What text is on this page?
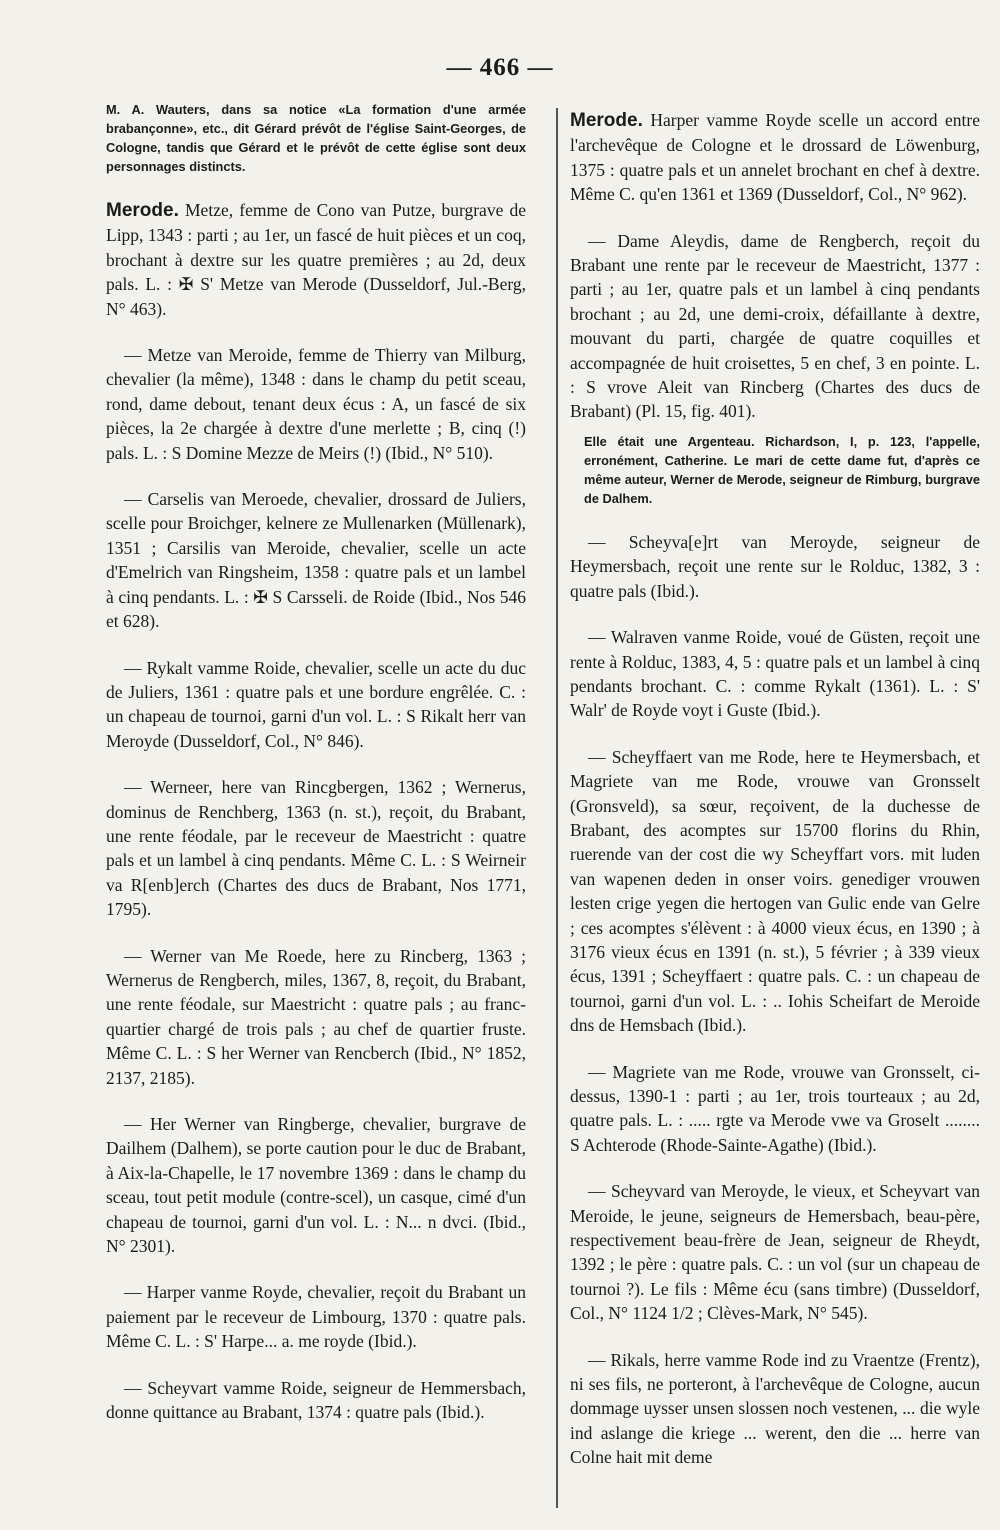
— 466 —
M. A. Wauters, dans sa notice «La formation d'une armée brabançonne», etc., dit Gérard prévôt de l'église Saint-Georges, de Cologne, tandis que Gérard et le prévôt de cette église sont deux personnages distincts.

Merode. Metze, femme de Cono van Putze, burgrave de Lipp, 1343 : parti ; au 1er, un fascé de huit pièces et un coq, brochant à dextre sur les quatre premières ; au 2d, deux pals. L. : ✠ S' Metze van Merode (Dusseldorf, Jul.-Berg, N° 463).

— Metze van Meroide, femme de Thierry van Milburg, chevalier (la même), 1348 : dans le champ du petit sceau, rond, dame debout, tenant deux écus : A, un fascé de six pièces, la 2e chargée à dextre d'une merlette ; B, cinq (!) pals. L. : S Domine Mezze de Meirs (!) (Ibid., N° 510).

— Carselis van Meroede, chevalier, drossard de Juliers, scelle pour Broichger, kelnere ze Mullenarken (Müllenark), 1351 ; Carsilis van Meroide, chevalier, scelle un acte d'Emelrich van Ringsheim, 1358 : quatre pals et un lambel à cinq pendants. L. : ✠ S Carsseli. de Roide (Ibid., Nos 546 et 628).

— Rykalt vamme Roide, chevalier, scelle un acte du duc de Juliers, 1361 : quatre pals et une bordure engrêlée. C. : un chapeau de tournoi, garni d'un vol. L. : S Rikalt herr van Meroyde (Dusseldorf, Col., N° 846).

— Werneer, here van Rincgbergen, 1362 ; Wernerus, dominus de Renchberg, 1363 (n. st.), reçoit, du Brabant, une rente féodale, par le receveur de Maestricht : quatre pals et un lambel à cinq pendants. Même C. L. : S Weirneir va R[enb]erch (Chartes des ducs de Brabant, Nos 1771, 1795).

— Werner van Me Roede, here zu Rincberg, 1363 ; Wernerus de Rengberch, miles, 1367, 8, reçoit, du Brabant, une rente féodale, sur Maestricht : quatre pals ; au franc-quartier chargé de trois pals ; au chef de quartier fruste. Même C. L. : S her Werner van Rencberch (Ibid., N° 1852, 2137, 2185).

— Her Werner van Ringberge, chevalier, burgrave de Dailhem (Dalhem), se porte caution pour le duc de Brabant, à Aix-la-Chapelle, le 17 novembre 1369 : dans le champ du sceau, tout petit module (contre-scel), un casque, cimé d'un chapeau de tournoi, garni d'un vol. L. : N... n dvci. (Ibid., N° 2301).

— Harper vanme Royde, chevalier, reçoit du Brabant un paiement par le receveur de Limbourg, 1370 : quatre pals. Même C. L. : S' Harpe... a. me royde (Ibid.).

— Scheyvart vamme Roide, seigneur de Hemmersbach, donne quittance au Brabant, 1374 : quatre pals (Ibid.).

Merode. Harper vamme Royde scelle un accord entre l'archevêque de Cologne et le drossard de Löwenburg, 1375 : quatre pals et un annelet brochant en chef à dextre. Même C. qu'en 1361 et 1369 (Dusseldorf, Col., N° 962).

— Dame Aleydis, dame de Rengberch, reçoit du Brabant une rente par le receveur de Maestricht, 1377 : parti ; au 1er, quatre pals et un lambel à cinq pendants brochant ; au 2d, une demi-croix, défaillante à dextre, mouvant du parti, chargée de quatre coquilles et accompagnée de huit croisettes, 5 en chef, 3 en pointe. L. : S vrove Aleit van Rincberg (Chartes des ducs de Brabant) (Pl. 15, fig. 401).

Elle était une Argenteau. Richardson, I, p. 123, l'appelle, erronément, Catherine. Le mari de cette dame fut, d'après ce même auteur, Werner de Merode, seigneur de Rimburg, burgrave de Dalhem.

— Scheyva[e]rt van Meroyde, seigneur de Heymersbach, reçoit une rente sur le Rolduc, 1382, 3 : quatre pals (Ibid.).

— Walraven vanme Roide, voué de Güsten, reçoit une rente à Rolduc, 1383, 4, 5 : quatre pals et un lambel à cinq pendants brochant. C. : comme Rykalt (1361). L. : S' Walr' de Royde voyt i Guste (Ibid.).

— Scheyffaert van me Rode, here te Heymersbach, et Magriete van me Rode, vrouwe van Gronsselt (Gronsveld), sa sœur, reçoivent, de la duchesse de Brabant, des acomptes sur 15700 florins du Rhin, ruerende van der cost die wy Scheyffart vors. mit luden van wapenen deden in onser voirs. genediger vrouwen lesten crige yegen die hertogen van Gulic ende van Gelre ; ces acomptes s'élèvent : à 4000 vieux écus, en 1390 ; à 3176 vieux écus en 1391 (n. st.), 5 février ; à 339 vieux écus, 1391 ; Scheyffaert : quatre pals. C. : un chapeau de tournoi, garni d'un vol. L. : .. Iohis Scheifart de Meroide dns de Hemsbach (Ibid.).

— Magriete van me Rode, vrouwe van Gronsselt, ci-dessus, 1390-1 : parti ; au 1er, trois tourteaux ; au 2d, quatre pals. L. : ..... rgte va Merode vwe va Groselt ........ S Achterode (Rhode-Sainte-Agathe) (Ibid.).

— Scheyvard van Meroyde, le vieux, et Scheyvart van Meroide, le jeune, seigneurs de Hemersbach, beau-père, respectivement beau-frère de Jean, seigneur de Rheydt, 1392 ; le père : quatre pals. C. : un vol (sur un chapeau de tournoi ?). Le fils : Même écu (sans timbre) (Dusseldorf, Col., N° 1124 1/2 ; Clèves-Mark, N° 545).

— Rikals, herre vamme Rode ind zu Vraentze (Frentz), ni ses fils, ne porteront, à l'archevêque de Cologne, aucun dommage uysser unsen slossen noch vestenen, ... die wyle ind aslange die kriege ... werent, den die ... herre van Colne hait mit deme
